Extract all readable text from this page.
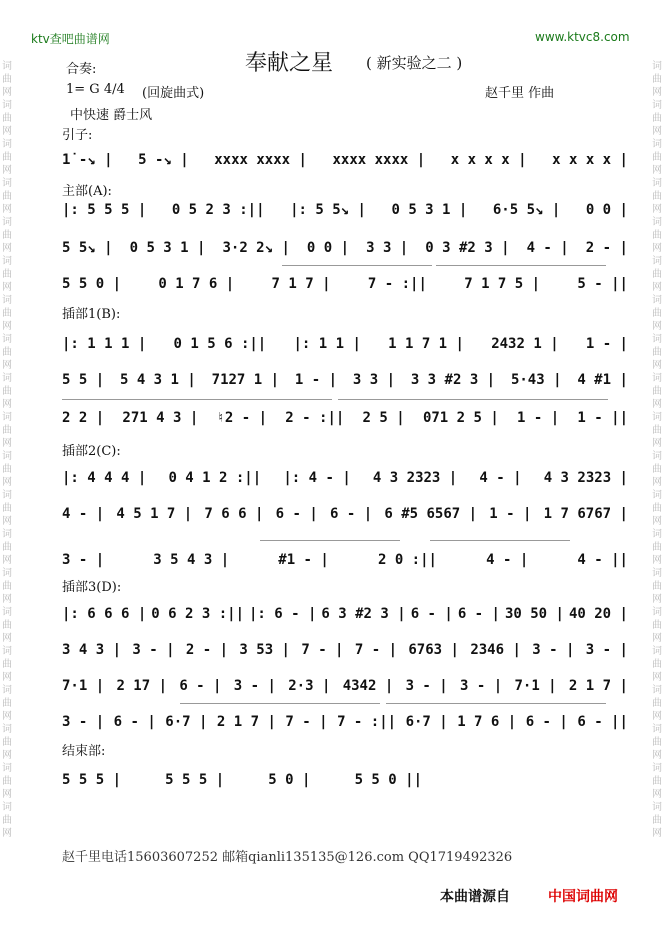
词曲网 词曲网 词曲网 词曲网 词曲网 词曲网 词曲网 词曲网 词曲网 词曲网 词曲网 词曲网 词曲网 词曲网 词曲网 词曲网 词曲网 词曲网 词曲网 词曲网
词曲网 词曲网 词曲网 词曲网 词曲网 词曲网 词曲网 词曲网 词曲网 词曲网 词曲网 词曲网 词曲网 词曲网 词曲网 词曲网 词曲网 词曲网 词曲网 词曲网
ktv查吧曲谱网	www.ktvc8.com
奉献之星 ( 新实验之二 )
合奏:
1= G 4/4 (回旋曲式)	赵千里 作曲
中快速 爵士风
引子:
主部(A):
插部1(B):
插部2(C):
插部3(D):
结束部:
1̇ -↘ | 5 -↘ | xxxx xxxx | xxxx xxxx | x x x x | x x x x |
|: 5 5 5 | 0 5 2 3 :|| |: 5 5↘ | 0 5 3 1 | 6·5 5↘ | 0 0 |
5 5↘ | 0 5 3 1 | 3·2 2↘ | 0 0 | 3 3 | 0 3 #2 3 | 4 - | 2 - |
5 5 0 |	0 1 7 6 |	7 1 7 |	7 - :||	7 1 7 5 |	5 - ||
|: 1 1 1 | 0 1 5 6 :|| |: 1 1 | 1 1 7 1 | 2432 1 | 1 - |
5 5 | 5 4 3 1 | 7127 1 | 1 - | 3 3 | 3 3 #2 3 | 5·43 | 4 #1 |
2 2 | 271 4 3 | ♮2 - | 2 - :|| 2 5 | 071 2 5 | 1 - | 1 - ||
|: 4 4 4 | 0 4 1 2 :|| |: 4 - | 4 3 2323 | 4 - | 4 3 2323 |
4 - | 4 5 1 7 | 7 6 6 | 6 - | 6 - | 6 #5 6567 | 1 - | 1 7 6767 |
3 - |	3 5 4 3 |	#1 - |	2 0 :||	4 - |	4 - ||
|: 6 6 6 | 0 6 2 3 :|| |: 6 - | 6 3 #2 3 | 6 - | 6 - | 30 50 | 40 20 |
3 4 3 | 3 - | 2 - | 3 53 | 7 - | 7 - | 6763 | 2346 | 3 - | 3 - |
7·1 | 2 17 | 6 - | 3 - | 2·3 | 4342 | 3 - | 3 - | 7·1 | 2 1 7 |
3 - | 6 - | 6·7 | 2 1 7 | 7 - | 7 - :|| 6·7 | 1 7 6 | 6 - | 6 - ||
5 5 5 |	5 5 5 |	5 0 |	5 5 0 ||
赵千里电话15603607252 邮箱qianli135135@126.com QQ1719492326
本曲谱源自	中国词曲网
